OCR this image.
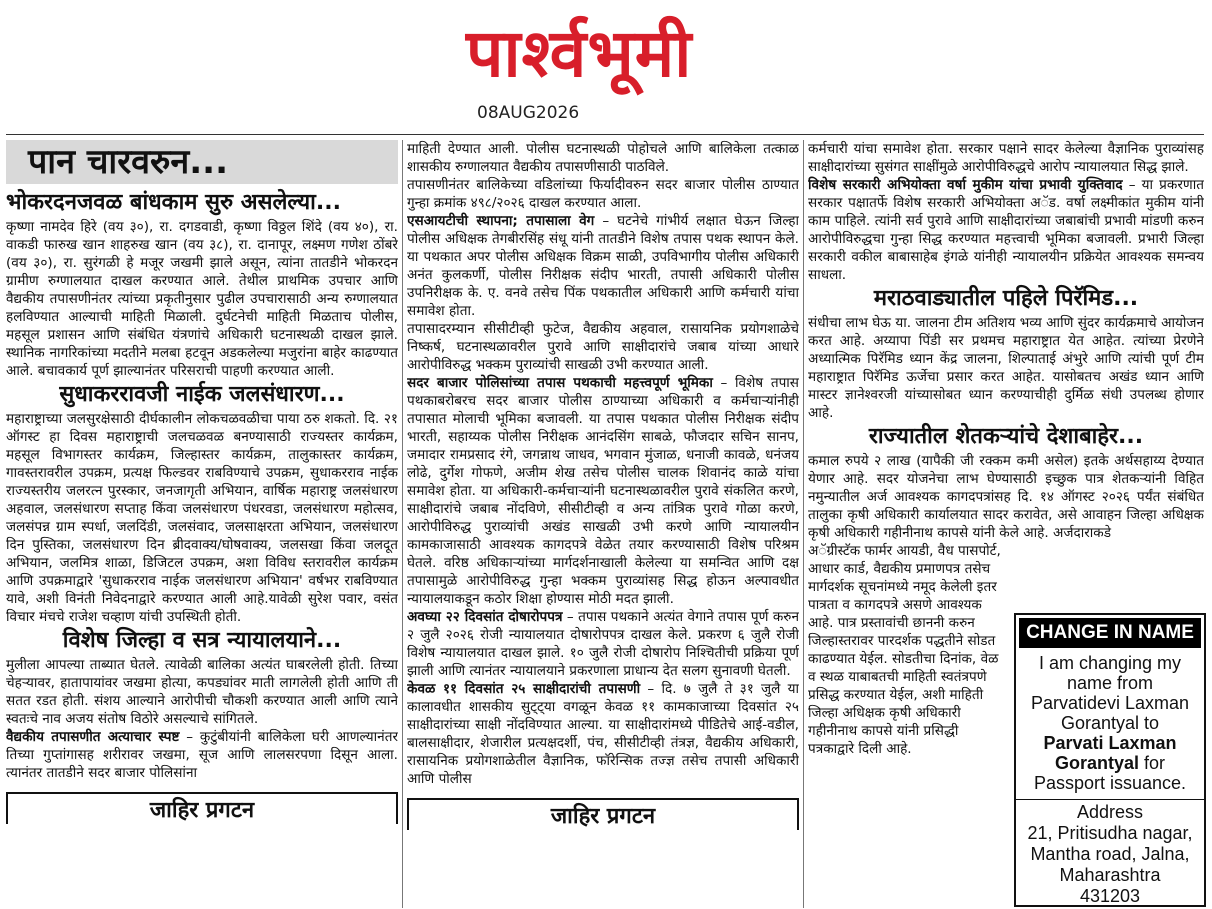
पार्श्वभूमी
08AUG2026
पान चारवरुन...
भोकरदनजवळ बांधकाम सुरु असलेल्या...

कृष्णा नामदेव हिरे (वय ३०), रा. दगडवाडी, कृष्णा विठ्ठल शिंदे (वय ४०), रा. वाकडी फारुख खान शाहरुख खान (वय ३८), रा. दानापूर, लक्ष्मण गणेश ठोंबरे (वय ३०), रा. सुरंगळी हे मजूर जखमी झाले असून, त्यांना तातडीने भोकरदन ग्रामीण रुग्णालयात दाखल करण्यात आले. तेथील प्राथमिक उपचार आणि वैद्यकीय तपासणीनंतर त्यांच्या प्रकृतीनुसार पुढील उपचारासाठी अन्य रुग्णालयात हलविण्यात आल्याची माहिती मिळाली. दुर्घटनेची माहिती मिळताच पोलीस, महसूल प्रशासन आणि संबंधित यंत्रणांचे अधिकारी घटनास्थळी दाखल झाले. स्थानिक नागरिकांच्या मदतीने मलबा हटवून अडकलेल्या मजुरांना बाहेर काढण्यात आले. बचावकार्य पूर्ण झाल्यानंतर परिसराची पाहणी करण्यात आली.

सुधाकररावजी नाईक जलसंधारण...

महाराष्ट्राच्या जलसुरक्षेसाठी दीर्घकालीन लोकचळवळीचा पाया ठरु शकतो. दि. २१ ऑगस्ट हा दिवस महाराष्ट्राची जलचळवळ बनण्यासाठी राज्यस्तर कार्यक्रम, महसूल विभागस्तर कार्यक्रम, जिल्हास्तर कार्यक्रम, तालुकास्तर कार्यक्रम, गावस्तरावरील उपक्रम, प्रत्यक्ष फिल्डवर राबविण्याचे उपक्रम, सुधाकरराव नाईक राज्यस्तरीय जलरत्न पुरस्कार, जनजागृती अभियान, वार्षिक महाराष्ट्र जलसंधारण अहवाल, जलसंधारण सप्ताह किंवा जलसंधारण पंधरवडा, जलसंधारण महोत्सव, जलसंपन्न ग्राम स्पर्धा, जलदिंडी, जलसंवाद, जलसाक्षरता अभियान, जलसंधारण दिन पुस्तिका, जलसंधारण दिन ब्रीदवाक्य/घोषवाक्य, जलसखा किंवा जलदूत अभियान, जलमित्र शाळा, डिजिटल उपक्रम, अशा विविध स्तरावरील कार्यक्रम आणि उपक्रमाद्वारे 'सुधाकरराव नाईक जलसंधारण अभियान' वर्षभर राबविण्यात यावे, अशी विनंती निवेदनाद्वारे करण्यात आली आहे.यावेळी सुरेश पवार, वसंत विचार मंचचे राजेश चव्हाण यांची उपस्थिती होती.

विशेष जिल्हा व सत्र न्यायालयाने...

मुलीला आपल्या ताब्यात घेतले. त्यावेळी बालिका अत्यंत घाबरलेली होती. तिच्या चेहऱ्यावर, हातापायांवर जखमा होत्या, कपड्यांवर माती लागलेली होती आणि ती सतत रडत होती. संशय आल्याने आरोपीची चौकशी करण्यात आली आणि त्याने स्वतःचे नाव अजय संतोष विठोरे असल्याचे सांगितले.

वैद्यकीय तपासणीत अत्याचार स्पष्ट – कुटुंबीयांनी बालिकेला घरी आणल्यानंतर तिच्या गुप्तांगासह शरीरावर जखमा, सूज आणि लालसरपणा दिसून आला. त्यानंतर तातडीने सदर बाजार पोलिसांना

जाहिर प्रगटन

माहिती देण्यात आली. पोलीस घटनास्थळी पोहोचले आणि बालिकेला तत्काळ शासकीय रुग्णालयात वैद्यकीय तपासणीसाठी पाठविले.

तपासणीनंतर बालिकेच्या वडिलांच्या फिर्यादीवरुन सदर बाजार पोलीस ठाण्यात गुन्हा क्रमांक ४९८/२०२६ दाखल करण्यात आला.

एसआयटीची स्थापना; तपासाला वेग – घटनेचे गांभीर्य लक्षात घेऊन जिल्हा पोलीस अधिक्षक तेगबीरसिंह संधू यांनी तातडीने विशेष तपास पथक स्थापन केले. या पथकात अपर पोलीस अधिक्षक विक्रम साळी, उपविभागीय पोलीस अधिकारी अनंत कुलकर्णी, पोलीस निरीक्षक संदीप भारती, तपासी अधिकारी पोलीस उपनिरीक्षक के. ए. वनवे तसेच पिंक पथकातील अधिकारी आणि कर्मचारी यांचा समावेश होता.

तपासादरम्यान सीसीटीव्ही फुटेज, वैद्यकीय अहवाल, रासायनिक प्रयोगशाळेचे निष्कर्ष, घटनास्थळावरील पुरावे आणि साक्षीदारांचे जबाब यांच्या आधारे आरोपीविरुद्ध भक्कम पुराव्यांची साखळी उभी करण्यात आली.

सदर बाजार पोलिसांच्या तपास पथकाची महत्त्वपूर्ण भूमिका – विशेष तपास पथकाबरोबरच सदर बाजार पोलीस ठाण्याच्या अधिकारी व कर्मचाऱ्यांनीही तपासात मोलाची भूमिका बजावली. या तपास पथकात पोलीस निरीक्षक संदीप भारती, सहाय्यक पोलीस निरीक्षक आनंदसिंग साबळे, फौजदार सचिन सानप, जमादार रामप्रसाद रंगे, जगन्नाथ जाधव, भगवान मुंजाळ, धनाजी कावळे, धनंजय लोढे, दुर्गेश गोफणे, अजीम शेख तसेच पोलीस चालक शिवानंद काळे यांचा समावेश होता. या अधिकारी-कर्मचाऱ्यांनी घटनास्थळावरील पुरावे संकलित करणे, साक्षीदारांचे जबाब नोंदविणे, सीसीटीव्ही व अन्य तांत्रिक पुरावे गोळा करणे, आरोपीविरुद्ध पुराव्यांची अखंड साखळी उभी करणे आणि न्यायालयीन कामकाजासाठी आवश्यक कागदपत्रे वेळेत तयार करण्यासाठी विशेष परिश्रम घेतले. वरिष्ठ अधिकाऱ्यांच्या मार्गदर्शनाखाली केलेल्या या समन्वित आणि दक्ष तपासामुळे आरोपीविरुद्ध गुन्हा भक्कम पुराव्यांसह सिद्ध होऊन अल्पावधीत न्यायालयाकडून कठोर शिक्षा होण्यास मोठी मदत झाली.

अवघ्या २२ दिवसांत दोषारोपपत्र – तपास पथकाने अत्यंत वेगाने तपास पूर्ण करुन २ जुलै २०२६ रोजी न्यायालयात दोषारोपपत्र दाखल केले. प्रकरण ६ जुलै रोजी विशेष न्यायालयात दाखल झाले. १० जुलै रोजी दोषारोप निश्चितीची प्रक्रिया पूर्ण झाली आणि त्यानंतर न्यायालयाने प्रकरणाला प्राधान्य देत सलग सुनावणी घेतली.

केवळ ११ दिवसांत २५ साक्षीदारांची तपासणी – दि. ७ जुलै ते ३१ जुलै या कालावधीत शासकीय सुट्ट्या वगळून केवळ ११ कामकाजाच्या दिवसांत २५ साक्षीदारांच्या साक्षी नोंदविण्यात आल्या. या साक्षीदारांमध्ये पीडितेचे आई-वडील, बालसाक्षीदार, शेजारील प्रत्यक्षदर्शी, पंच, सीसीटीव्ही तंत्रज्ञ, वैद्यकीय अधिकारी, रासायनिक प्रयोगशाळेतील वैज्ञानिक, फॉरेन्सिक तज्ज्ञ तसेच तपासी अधिकारी आणि पोलीस

जाहिर प्रगटन

कर्मचारी यांचा समावेश होता. सरकार पक्षाने सादर केलेल्या वैज्ञानिक पुराव्यांसह साक्षीदारांच्या सुसंगत साक्षींमुळे आरोपीविरुद्धचे आरोप न्यायालयात सिद्ध झाले.

विशेष सरकारी अभियोक्ता वर्षा मुकीम यांचा प्रभावी युक्तिवाद – या प्रकरणात सरकार पक्षातर्फे विशेष सरकारी अभियोक्ता अॅड. वर्षा लक्ष्मीकांत मुकीम यांनी काम पाहिले. त्यांनी सर्व पुरावे आणि साक्षीदारांच्या जबाबांची प्रभावी मांडणी करुन आरोपीविरुद्धचा गुन्हा सिद्ध करण्यात महत्त्वाची भूमिका बजावली. प्रभारी जिल्हा सरकारी वकील बाबासाहेब इंगळे यांनीही न्यायालयीन प्रक्रियेत आवश्यक समन्वय साधला.

मराठवाड्यातील पहिले पिरॅमिड...

संधीचा लाभ घेऊ या. जालना टीम अतिशय भव्य आणि सुंदर कार्यक्रमाचे आयोजन करत आहे. अय्यापा पिंडी सर प्रथमच महाराष्ट्रात येत आहेत. त्यांच्या प्रेरणेने अध्यात्मिक पिरॅमिड ध्यान केंद्र जालना, शिल्पाताई अंभुरे आणि त्यांची पूर्ण टीम महाराष्ट्रात पिरॅमिड ऊर्जेचा प्रसार करत आहेत. यासोबतच अखंड ध्यान आणि मास्टर ज्ञानेश्वरजी यांच्यासोबत ध्यान करण्याचीही दुर्मिळ संधी उपलब्ध होणार आहे.

राज्यातील शेतकऱ्यांचे देशाबाहेर...

कमाल रुपये २ लाख (यापैकी जी रक्कम कमी असेल) इतके अर्थसहाय्य देण्यात येणार आहे. सदर योजनेचा लाभ घेण्यासाठी इच्छुक पात्र शेतकऱ्यांनी विहित नमुन्यातील अर्ज आवश्यक कागदपत्रांसह दि. १४ ऑगस्ट २०२६ पर्यंत संबंधित तालुका कृषी अधिकारी कार्यालयात सादर करावेत, असे आवाहन जिल्हा अधिक्षक कृषी अधिकारी गहीनीनाथ कापसे यांनी केले आहे. अर्जदाराकडे

अॅग्रीस्टॅक फार्मर आयडी, वैध पासपोर्ट, आधार कार्ड, वैद्यकीय प्रमाणपत्र तसेच मार्गदर्शक सूचनांमध्ये नमूद केलेली इतर पात्रता व कागदपत्रे असणे आवश्यक आहे. पात्र प्रस्तावांची छाननी करुन जिल्हास्तरावर पारदर्शक पद्धतीने सोडत काढण्यात येईल. सोडतीचा दिनांक, वेळ व स्थळ याबाबतची माहिती स्वतंत्रपणे प्रसिद्ध करण्यात येईल, अशी माहिती जिल्हा अधिक्षक कृषी अधिकारी गहीनीनाथ कापसे यांनी प्रसिद्धी पत्रकाद्वारे दिली आहे.

CHANGE IN NAME
I am changing my name from
Parvatidevi Laxman Gorantyal to
Parvati Laxman Gorantyal for Passport issuance.
Address
21, Pritisudha nagar, Mantha road, Jalna, Maharashtra
431203
